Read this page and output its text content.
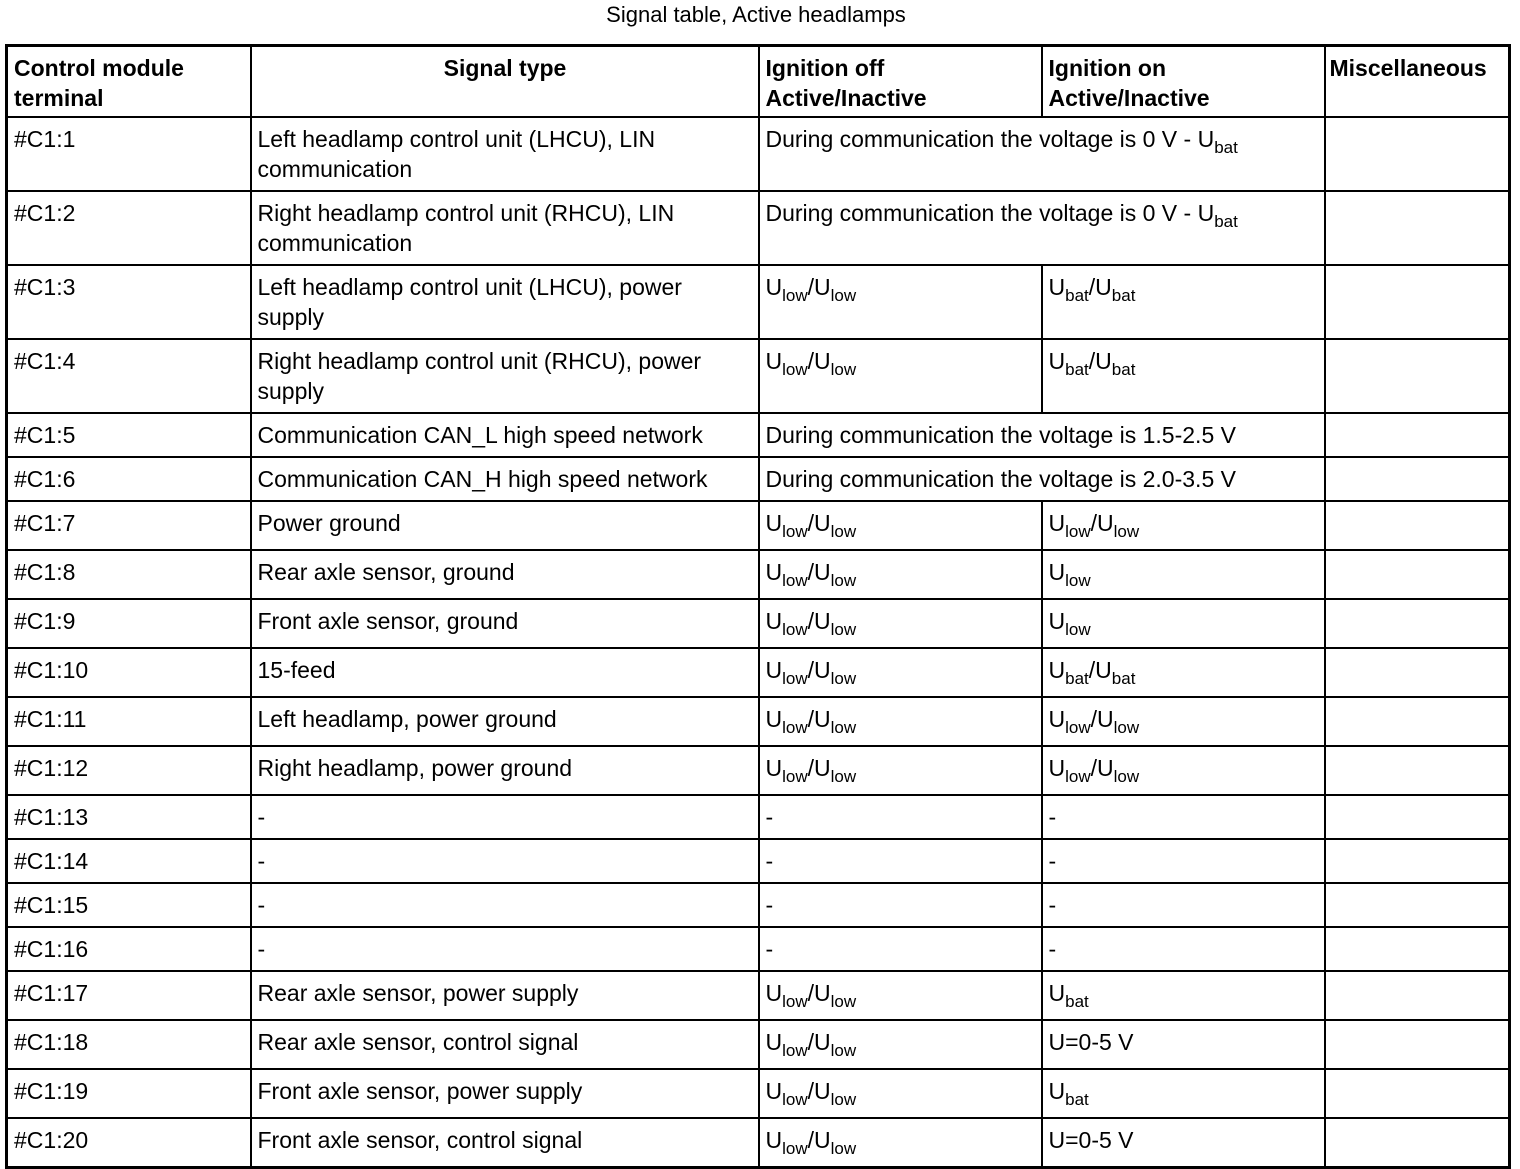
Signal table, Active headlamps
Control module terminal	Signal type	Ignition off Active/Inactive	Ignition on Active/Inactive	Miscellaneous
#C1:1	Left headlamp control unit (LHCU), LIN communication	During communication the voltage is 0 V - $U_{bat}$	
#C1:2	Right headlamp control unit (RHCU), LIN communication	During communication the voltage is 0 V - $U_{bat}$	
#C1:3	Left headlamp control unit (LHCU), power supply	$U_{low}/U_{low}$	$U_{bat}/U_{bat}$	
#C1:4	Right headlamp control unit (RHCU), power supply	$U_{low}/U_{low}$	$U_{bat}/U_{bat}$	
#C1:5	Communication CAN_L high speed network	During communication the voltage is 1.5-2.5 V		
#C1:6	Communication CAN_H high speed network	During communication the voltage is 2.0-3.5 V		
#C1:7	Power ground	$U_{low}/U_{low}$	$U_{low}/U_{low}$	
#C1:8	Rear axle sensor, ground	$U_{low}/U_{low}$	$U_{low}$	
#C1:9	Front axle sensor, ground	$U_{low}/U_{low}$	$U_{low}$	
#C1:10	15-feed	$U_{low}/U_{low}$	$U_{bat}/U_{bat}$	
#C1:11	Left headlamp, power ground	$U_{low}/U_{low}$	$U_{low}/U_{low}$	
#C1:12	Right headlamp, power ground	$U_{low}/U_{low}$	$U_{low}/U_{low}$	
#C1:13	-	-	-	
#C1:14	-	-	-	
#C1:15	-	-	-	
#C1:16	-	-	-	
#C1:17	Rear axle sensor, power supply	$U_{low}/U_{low}$	$U_{bat}$	
#C1:18	Rear axle sensor, control signal	$U_{low}/U_{low}$	U=0-5 V	
#C1:19	Front axle sensor, power supply	$U_{low}/U_{low}$	$U_{bat}$	
#C1:20	Front axle sensor, control signal	$U_{low}/U_{low}$	U=0-5 V	
